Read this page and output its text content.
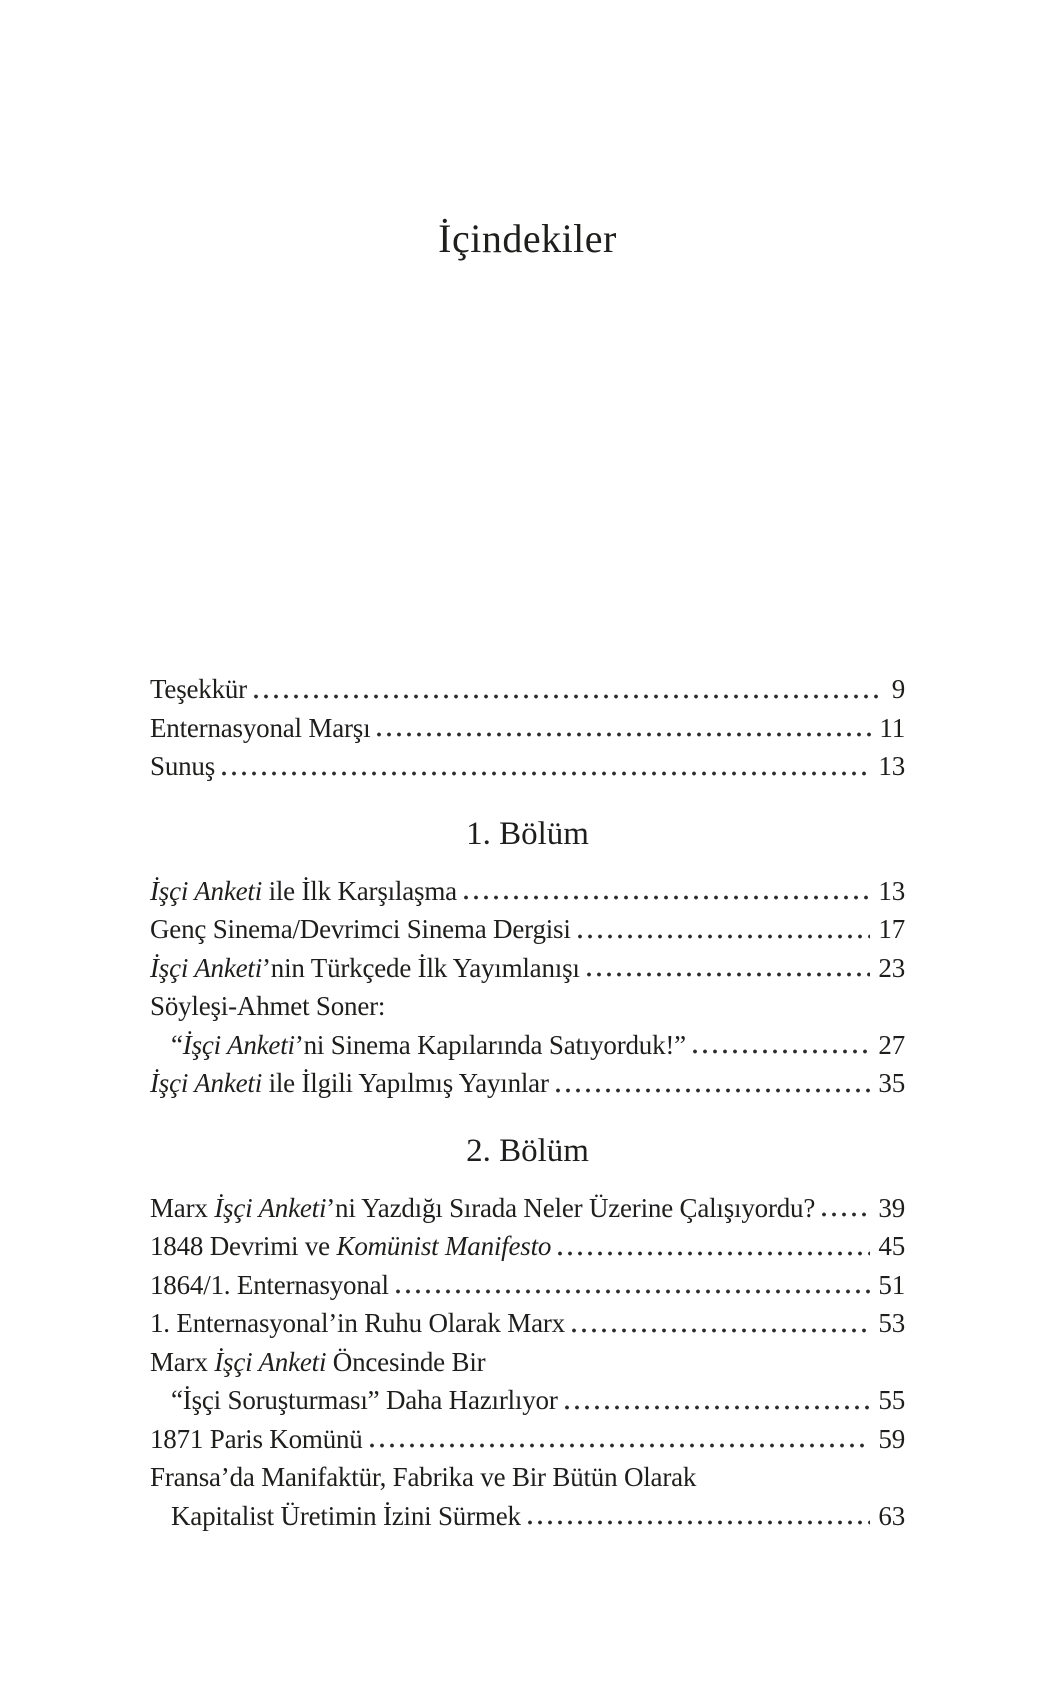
İçindekiler
Teşekkür	9
Enternasyonal Marşı	11
Sunuş	13
1. Bölüm
İşçi Anketi ile İlk Karşılaşma	13
Genç Sinema/Devrimci Sinema Dergisi	17
İşçi Anketi’nin Türkçede İlk Yayımlanışı	23
Söyleşi-Ahmet Soner:
“İşçi Anketi’ni Sinema Kapılarında Satıyorduk!”	27
İşçi Anketi ile İlgili Yapılmış Yayınlar	35
2. Bölüm
Marx İşçi Anketi’ni Yazdığı Sırada Neler Üzerine Çalışıyordu? 39
1848 Devrimi ve Komünist Manifesto	45
1864/1. Enternasyonal	51
1. Enternasyonal’in Ruhu Olarak Marx	53
Marx İşçi Anketi Öncesinde Bir
“İşçi Soruşturması” Daha Hazırlıyor	55
1871 Paris Komünü	59
Fransa’da Manifaktür, Fabrika ve Bir Bütün Olarak
Kapitalist Üretimin İzini Sürmek	63
